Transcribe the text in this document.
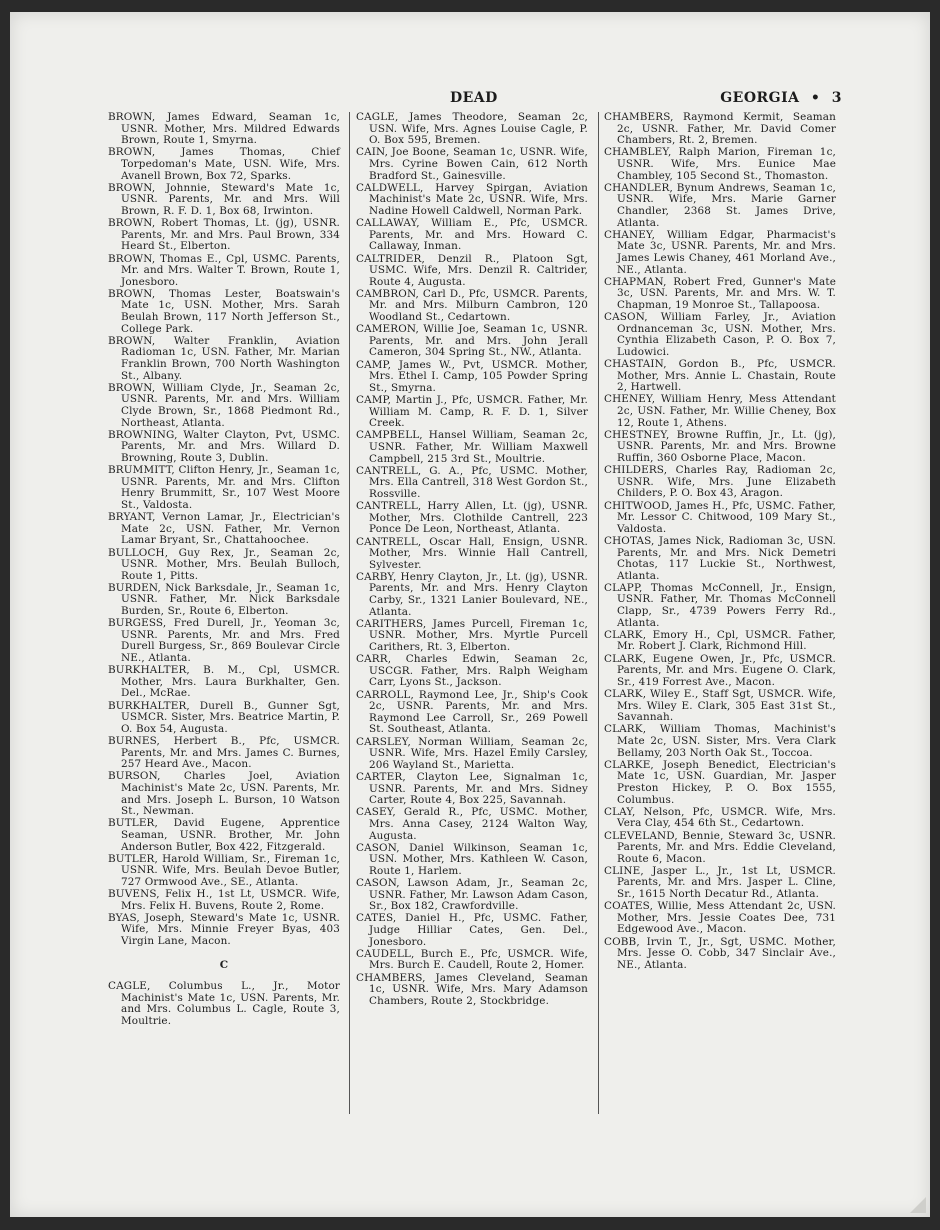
DEAD	GEORGIA • 3
BROWN, James Edward, Seaman 1c, USNR. Mother, Mrs. Mildred Edwards Brown, Route 1, Smyrna.
BROWN, James Thomas, Chief Torpedoman's Mate, USN. Wife, Mrs. Avanell Brown, Box 72, Sparks.
BROWN, Johnnie, Steward's Mate 1c, USNR. Parents, Mr. and Mrs. Will Brown, R. F. D. 1, Box 68, Irwinton.
BROWN, Robert Thomas, Lt. (jg), USNR. Parents, Mr. and Mrs. Paul Brown, 334 Heard St., Elberton.
BROWN, Thomas E., Cpl, USMC. Parents, Mr. and Mrs. Walter T. Brown, Route 1, Jonesboro.
BROWN, Thomas Lester, Boatswain's Mate 1c, USN. Mother, Mrs. Sarah Beulah Brown, 117 North Jefferson St., College Park.
BROWN, Walter Franklin, Aviation Radioman 1c, USN. Father, Mr. Marian Franklin Brown, 700 North Washington St., Albany.
BROWN, William Clyde, Jr., Seaman 2c, USNR. Parents, Mr. and Mrs. William Clyde Brown, Sr., 1868 Piedmont Rd., Northeast, Atlanta.
BROWNING, Walter Clayton, Pvt, USMC. Parents, Mr. and Mrs. Willard D. Browning, Route 3, Dublin.
BRUMMITT, Clifton Henry, Jr., Seaman 1c, USNR. Parents, Mr. and Mrs. Clifton Henry Brummitt, Sr., 107 West Moore St., Valdosta.
BRYANT, Vernon Lamar, Jr., Electrician's Mate 2c, USN. Father, Mr. Vernon Lamar Bryant, Sr., Chattahoochee.
BULLOCH, Guy Rex, Jr., Seaman 2c, USNR. Mother, Mrs. Beulah Bulloch, Route 1, Pitts.
BURDEN, Nick Barksdale, Jr., Seaman 1c, USNR. Father, Mr. Nick Barksdale Burden, Sr., Route 6, Elberton.
BURGESS, Fred Durell, Jr., Yeoman 3c, USNR. Parents, Mr. and Mrs. Fred Durell Burgess, Sr., 869 Boulevar Circle NE., Atlanta.
BURKHALTER, B. M., Cpl, USMCR. Mother, Mrs. Laura Burkhalter, Gen. Del., McRae.
BURKHALTER, Durell B., Gunner Sgt, USMCR. Sister, Mrs. Beatrice Martin, P. O. Box 54, Augusta.
BURNES, Herbert B., Pfc, USMCR. Parents, Mr. and Mrs. James C. Burnes, 257 Heard Ave., Macon.
BURSON, Charles Joel, Aviation Machinist's Mate 2c, USN. Parents, Mr. and Mrs. Joseph L. Burson, 10 Watson St., Newman.
BUTLER, David Eugene, Apprentice Seaman, USNR. Brother, Mr. John Anderson Butler, Box 422, Fitzgerald.
BUTLER, Harold William, Sr., Fireman 1c, USNR. Wife, Mrs. Beulah Devoe Butler, 727 Ormwood Ave., SE., Atlanta.
BUVENS, Felix H., 1st Lt, USMCR. Wife, Mrs. Felix H. Buvens, Route 2, Rome.
BYAS, Joseph, Steward's Mate 1c, USNR. Wife, Mrs. Minnie Freyer Byas, 403 Virgin Lane, Macon.
C
CAGLE, Columbus L., Jr., Motor Machinist's Mate 1c, USN. Parents, Mr. and Mrs. Columbus L. Cagle, Route 3, Moultrie.
CAGLE, James Theodore, Seaman 2c, USN. Wife, Mrs. Agnes Louise Cagle, P. O. Box 595, Bremen.
CAIN, Joe Boone, Seaman 1c, USNR. Wife, Mrs. Cyrine Bowen Cain, 612 North Bradford St., Gainesville.
CALDWELL, Harvey Spirgan, Aviation Machinist's Mate 2c, USNR. Wife, Mrs. Nadine Howell Caldwell, Norman Park.
CALLAWAY, William E., Pfc, USMCR. Parents, Mr. and Mrs. Howard C. Callaway, Inman.
CALTRIDER, Denzil R., Platoon Sgt, USMC. Wife, Mrs. Denzil R. Caltrider, Route 4, Augusta.
CAMBRON, Carl D., Pfc, USMCR. Parents, Mr. and Mrs. Milburn Cambron, 120 Woodland St., Cedartown.
CAMERON, Willie Joe, Seaman 1c, USNR. Parents, Mr. and Mrs. John Jerall Cameron, 304 Spring St., NW., Atlanta.
CAMP, James W., Pvt, USMCR. Mother, Mrs. Ethel I. Camp, 105 Powder Spring St., Smyrna.
CAMP, Martin J., Pfc, USMCR. Father, Mr. William M. Camp, R. F. D. 1, Silver Creek.
CAMPBELL, Hansel William, Seaman 2c, USNR. Father, Mr. William Maxwell Campbell, 215 3rd St., Moultrie.
CANTRELL, G. A., Pfc, USMC. Mother, Mrs. Ella Cantrell, 318 West Gordon St., Rossville.
CANTRELL, Harry Allen, Lt. (jg), USNR. Mother, Mrs. Clothilde Cantrell, 223 Ponce De Leon, Northeast, Atlanta.
CANTRELL, Oscar Hall, Ensign, USNR. Mother, Mrs. Winnie Hall Cantrell, Sylvester.
CARBY, Henry Clayton, Jr., Lt. (jg), USNR. Parents, Mr. and Mrs. Henry Clayton Carby, Sr., 1321 Lanier Boulevard, NE., Atlanta.
CARITHERS, James Purcell, Fireman 1c, USNR. Mother, Mrs. Myrtle Purcell Carithers, Rt. 3, Elberton.
CARR, Charles Edwin, Seaman 2c, USCGR. Father, Mrs. Ralph Weigham Carr, Lyons St., Jackson.
CARROLL, Raymond Lee, Jr., Ship's Cook 2c, USNR. Parents, Mr. and Mrs. Raymond Lee Carroll, Sr., 269 Powell St. Southeast, Atlanta.
CARSLEY, Norman William, Seaman 2c, USNR. Wife, Mrs. Hazel Emily Carsley, 206 Wayland St., Marietta.
CARTER, Clayton Lee, Signalman 1c, USNR. Parents, Mr. and Mrs. Sidney Carter, Route 4, Box 225, Savannah.
CASEY, Gerald R., Pfc, USMC. Mother, Mrs. Anna Casey, 2124 Walton Way, Augusta.
CASON, Daniel Wilkinson, Seaman 1c, USN. Mother, Mrs. Kathleen W. Cason, Route 1, Harlem.
CASON, Lawson Adam, Jr., Seaman 2c, USNR. Father, Mr. Lawson Adam Cason, Sr., Box 182, Crawfordville.
CATES, Daniel H., Pfc, USMC. Father, Judge Hilliar Cates, Gen. Del., Jonesboro.
CAUDELL, Burch E., Pfc, USMCR. Wife, Mrs. Burch E. Caudell, Route 2, Homer.
CHAMBERS, James Cleveland, Seaman 1c, USNR. Wife, Mrs. Mary Adamson Chambers, Route 2, Stockbridge.
CHAMBERS, Raymond Kermit, Seaman 2c, USNR. Father, Mr. David Comer Chambers, Rt. 2, Bremen.
CHAMBLEY, Ralph Marion, Fireman 1c, USNR. Wife, Mrs. Eunice Mae Chambley, 105 Second St., Thomaston.
CHANDLER, Bynum Andrews, Seaman 1c, USNR. Wife, Mrs. Marie Garner Chandler, 2368 St. James Drive, Atlanta.
CHANEY, William Edgar, Pharmacist's Mate 3c, USNR. Parents, Mr. and Mrs. James Lewis Chaney, 461 Morland Ave., NE., Atlanta.
CHAPMAN, Robert Fred, Gunner's Mate 3c, USN. Parents, Mr. and Mrs. W. T. Chapman, 19 Monroe St., Tallapoosa.
CASON, William Farley, Jr., Aviation Ordnanceman 3c, USN. Mother, Mrs. Cynthia Elizabeth Cason, P. O. Box 7, Ludowici.
CHASTAIN, Gordon B., Pfc, USMCR. Mother, Mrs. Annie L. Chastain, Route 2, Hartwell.
CHENEY, William Henry, Mess Attendant 2c, USN. Father, Mr. Willie Cheney, Box 12, Route 1, Athens.
CHESTNEY, Browne Ruffin, Jr., Lt. (jg), USNR. Parents, Mr. and Mrs. Browne Ruffin, 360 Osborne Place, Macon.
CHILDERS, Charles Ray, Radioman 2c, USNR. Wife, Mrs. June Elizabeth Childers, P. O. Box 43, Aragon.
CHITWOOD, James H., Pfc, USMC. Father, Mr. Lessor C. Chitwood, 109 Mary St., Valdosta.
CHOTAS, James Nick, Radioman 3c, USN. Parents, Mr. and Mrs. Nick Demetri Chotas, 117 Luckie St., Northwest, Atlanta.
CLAPP, Thomas McConnell, Jr., Ensign, USNR. Father, Mr. Thomas McConnell Clapp, Sr., 4739 Powers Ferry Rd., Atlanta.
CLARK, Emory H., Cpl, USMCR. Father, Mr. Robert J. Clark, Richmond Hill.
CLARK, Eugene Owen, Jr., Pfc, USMCR. Parents, Mr. and Mrs. Eugene O. Clark, Sr., 419 Forrest Ave., Macon.
CLARK, Wiley E., Staff Sgt, USMCR. Wife, Mrs. Wiley E. Clark, 305 East 31st St., Savannah.
CLARK, William Thomas, Machinist's Mate 2c, USN. Sister, Mrs. Vera Clark Bellamy, 203 North Oak St., Toccoa.
CLARKE, Joseph Benedict, Electrician's Mate 1c, USN. Guardian, Mr. Jasper Preston Hickey, P. O. Box 1555, Columbus.
CLAY, Nelson, Pfc, USMCR. Wife, Mrs. Vera Clay, 454 6th St., Cedartown.
CLEVELAND, Bennie, Steward 3c, USNR. Parents, Mr. and Mrs. Eddie Cleveland, Route 6, Macon.
CLINE, Jasper L., Jr., 1st Lt, USMCR. Parents, Mr. and Mrs. Jasper L. Cline, Sr., 1615 North Decatur Rd., Atlanta.
COATES, Willie, Mess Attendant 2c, USN. Mother, Mrs. Jessie Coates Dee, 731 Edgewood Ave., Macon.
COBB, Irvin T., Jr., Sgt, USMC. Mother, Mrs. Jesse O. Cobb, 347 Sinclair Ave., NE., Atlanta.
